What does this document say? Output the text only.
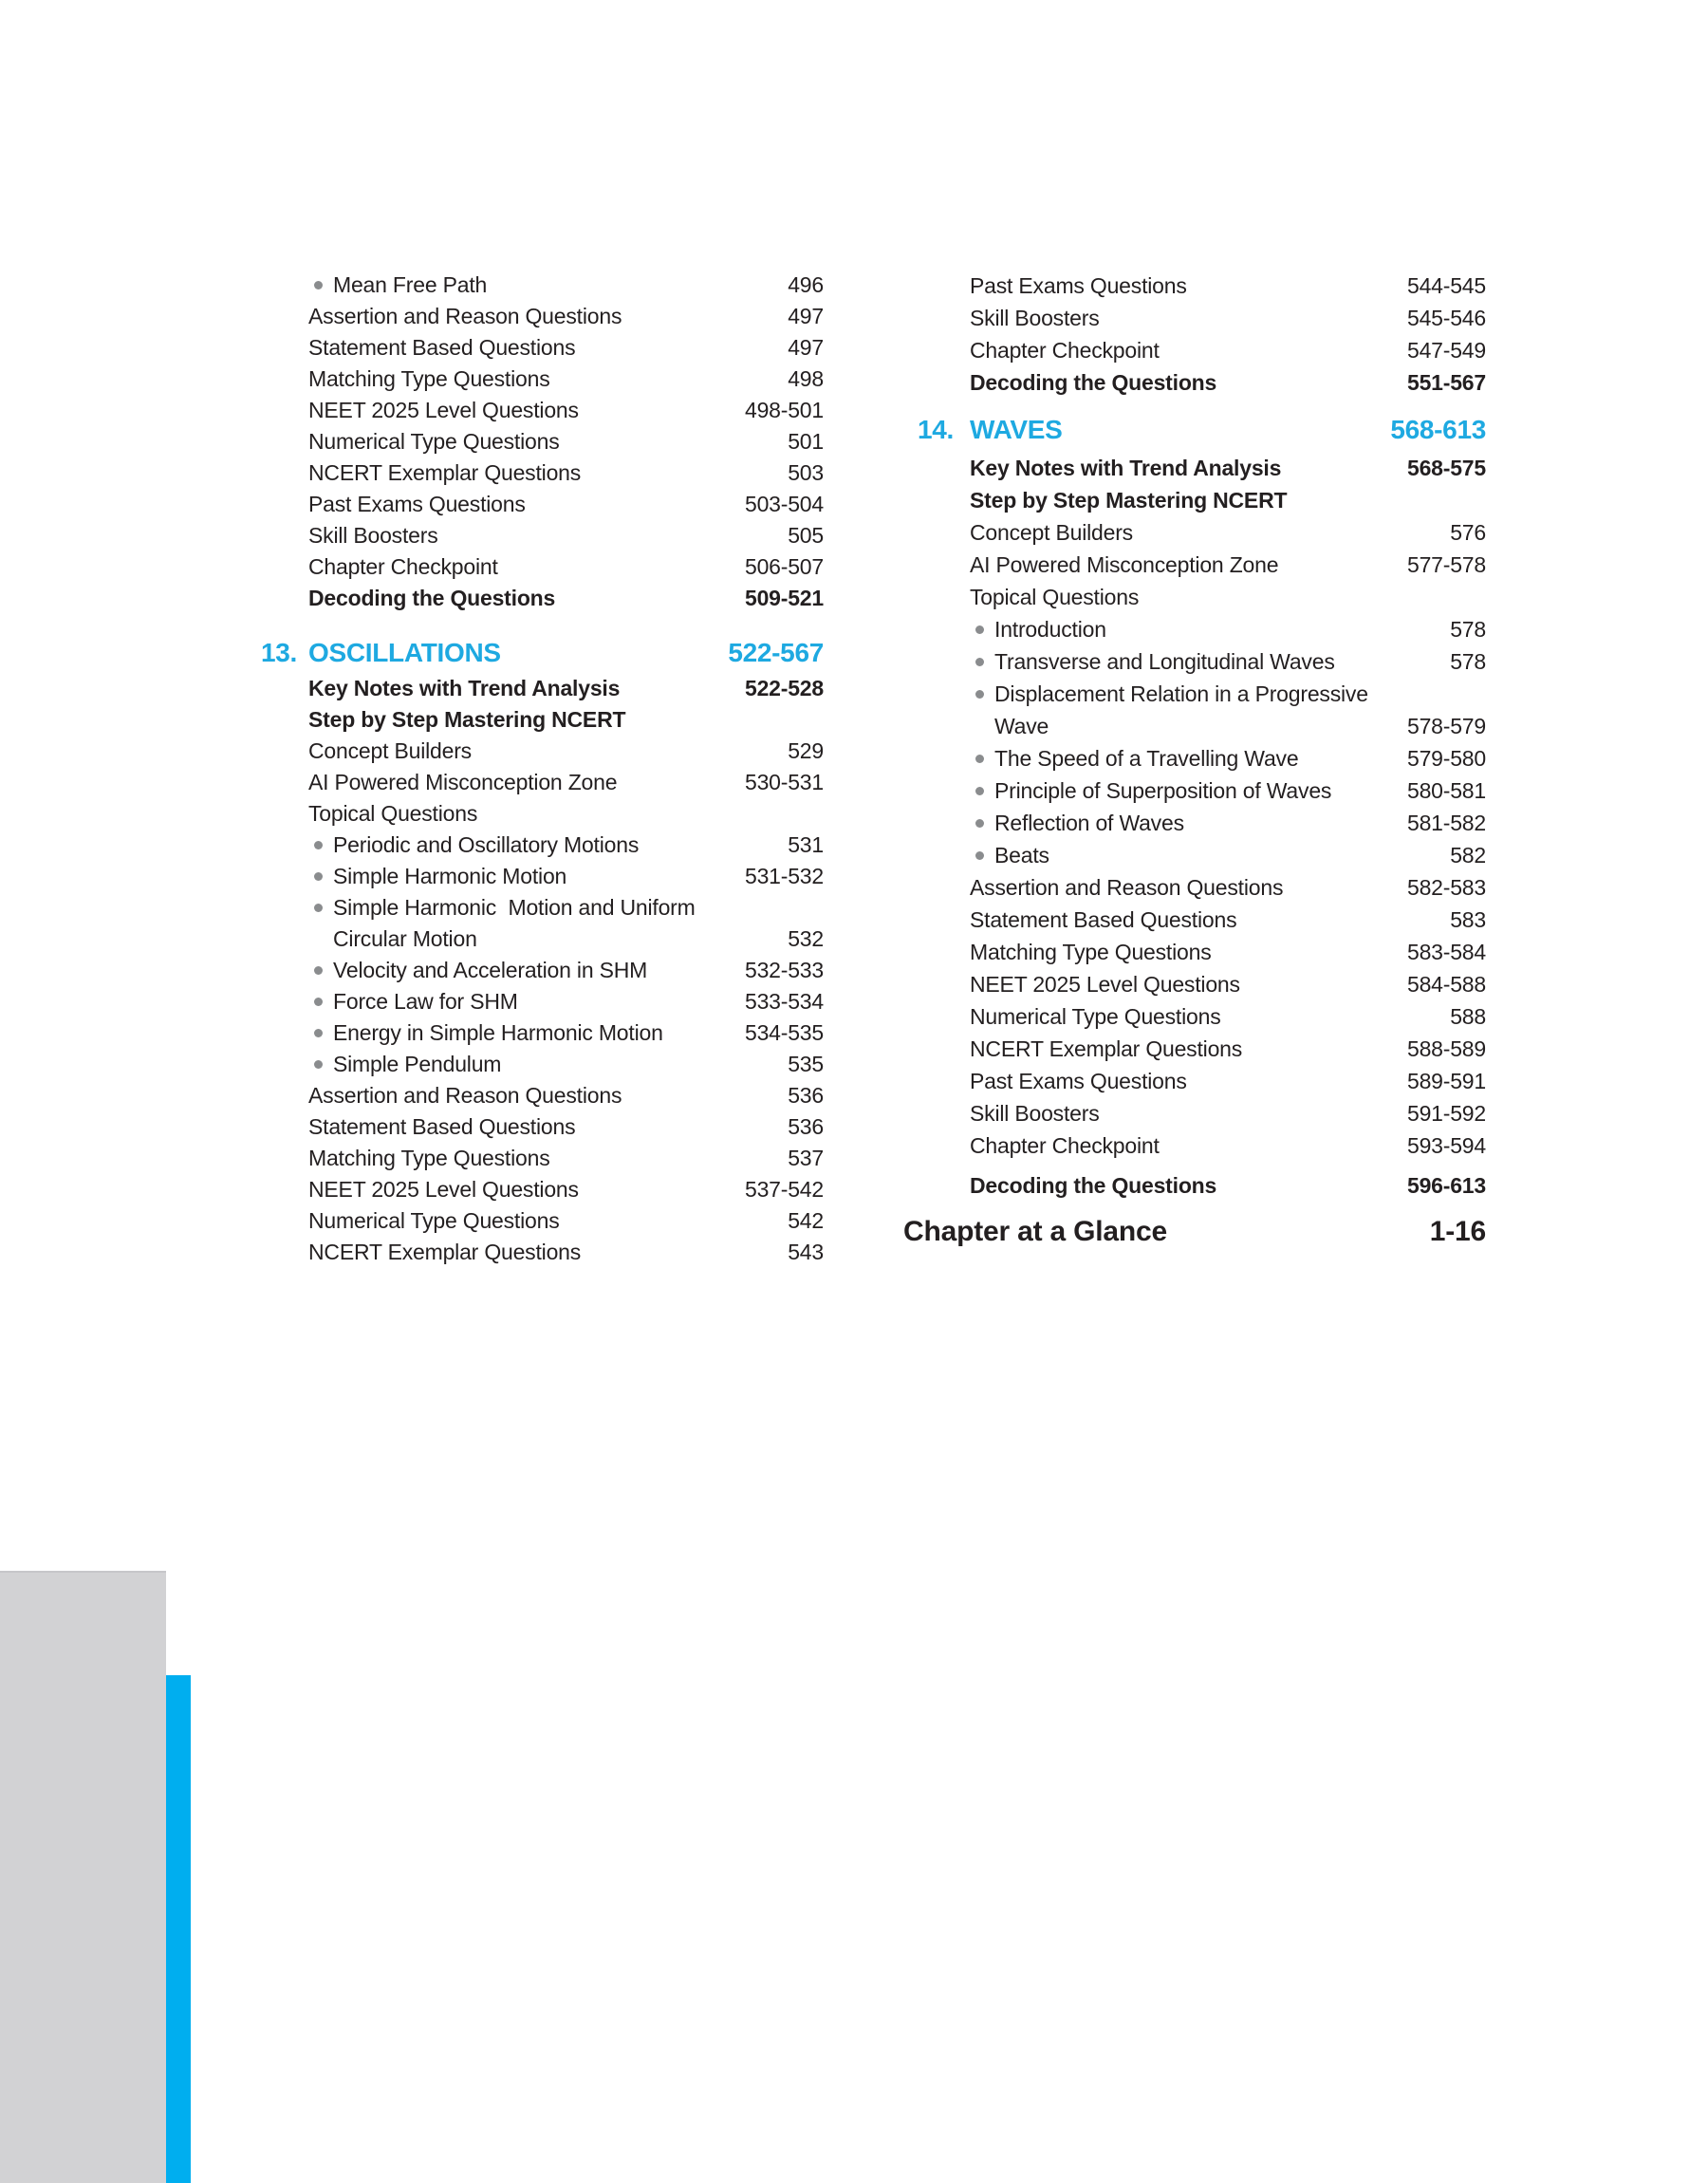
Mean Free Path	496
Assertion and Reason Questions	497
Statement Based Questions	497
Matching Type Questions	498
NEET 2025 Level Questions	498-501
Numerical Type Questions	501
NCERT Exemplar Questions	503
Past Exams Questions	503-504
Skill Boosters	505
Chapter Checkpoint	506-507
Decoding the Questions	509-521
13. OSCILLATIONS	522-567
Key Notes with Trend Analysis	522-528
Step by Step Mastering NCERT
Concept Builders	529
AI Powered Misconception Zone	530-531
Topical Questions
Periodic and Oscillatory Motions	531
Simple Harmonic Motion	531-532
Simple Harmonic  Motion and Uniform
Circular Motion	532
Velocity and Acceleration in SHM	532-533
Force Law for SHM	533-534
Energy in Simple Harmonic Motion	534-535
Simple Pendulum	535
Assertion and Reason Questions	536
Statement Based Questions	536
Matching Type Questions	537
NEET 2025 Level Questions	537-542
Numerical Type Questions	542
NCERT Exemplar Questions	543
Past Exams Questions	544-545
Skill Boosters	545-546
Chapter Checkpoint	547-549
Decoding the Questions	551-567
14. WAVES	568-613
Key Notes with Trend Analysis	568-575
Step by Step Mastering NCERT
Concept Builders	576
AI Powered Misconception Zone	577-578
Topical Questions
Introduction	578
Transverse and Longitudinal Waves	578
Displacement Relation in a Progressive
Wave	578-579
The Speed of a Travelling Wave	579-580
Principle of Superposition of Waves	580-581
Reflection of Waves	581-582
Beats	582
Assertion and Reason Questions	582-583
Statement Based Questions	583
Matching Type Questions	583-584
NEET 2025 Level Questions	584-588
Numerical Type Questions	588
NCERT Exemplar Questions	588-589
Past Exams Questions	589-591
Skill Boosters	591-592
Chapter Checkpoint	593-594
Decoding the Questions	596-613
Chapter at a Glance	1-16
